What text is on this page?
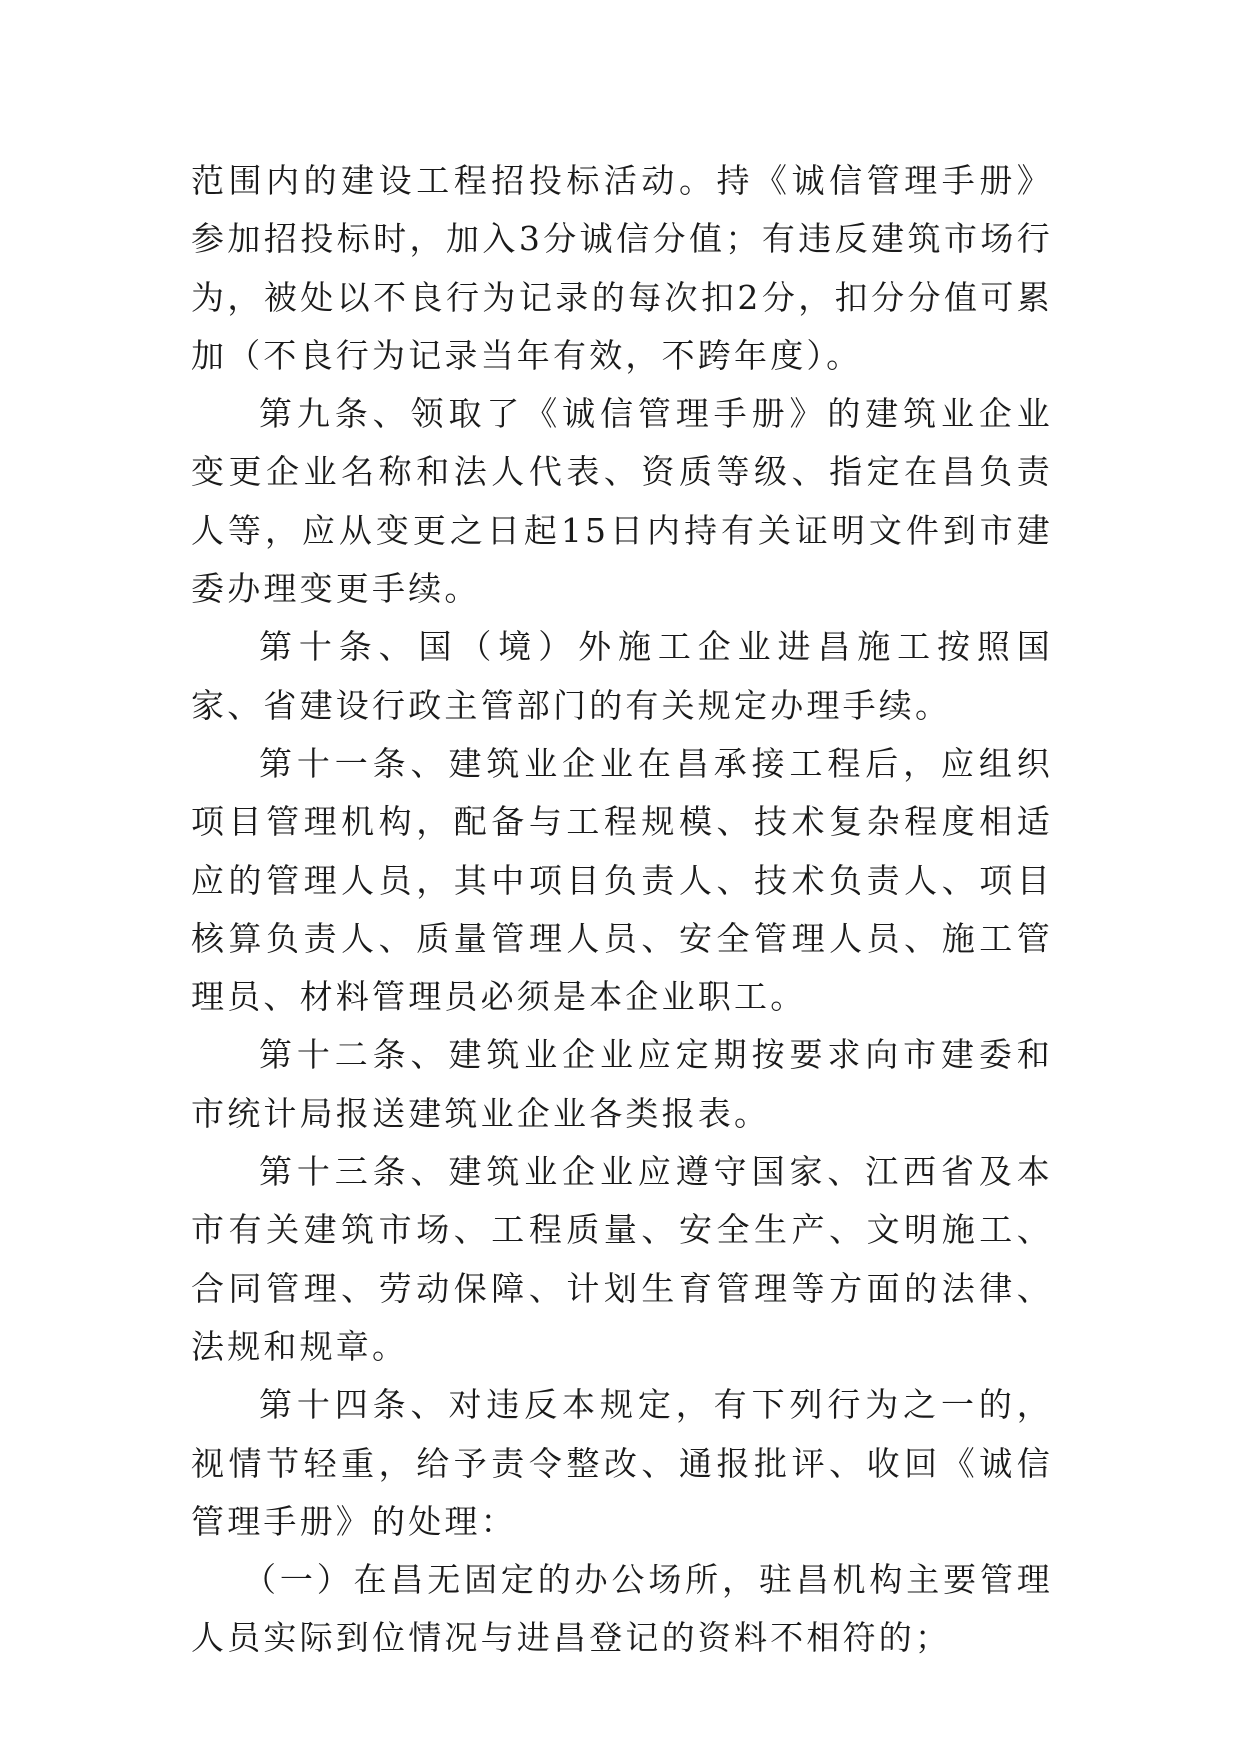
范围内的建设工程招投标活动。持《诚信管理手册》参加招投标时，加入3分诚信分值；有违反建筑市场行为，被处以不良行为记录的每次扣2分，扣分分值可累加（不良行为记录当年有效，不跨年度）。

第九条、领取了《诚信管理手册》的建筑业企业变更企业名称和法人代表、资质等级、指定在昌负责人等，应从变更之日起15日内持有关证明文件到市建委办理变更手续。

第十条、国（境）外施工企业进昌施工按照国家、省建设行政主管部门的有关规定办理手续。

第十一条、建筑业企业在昌承接工程后，应组织项目管理机构，配备与工程规模、技术复杂程度相适应的管理人员，其中项目负责人、技术负责人、项目核算负责人、质量管理人员、安全管理人员、施工管理员、材料管理员必须是本企业职工。

第十二条、建筑业企业应定期按要求向市建委和市统计局报送建筑业企业各类报表。

第十三条、建筑业企业应遵守国家、江西省及本市有关建筑市场、工程质量、安全生产、文明施工、合同管理、劳动保障、计划生育管理等方面的法律、法规和规章。

第十四条、对违反本规定，有下列行为之一的，视情节轻重，给予责令整改、通报批评、收回《诚信管理手册》的处理：

（一）在昌无固定的办公场所，驻昌机构主要管理人员实际到位情况与进昌登记的资料不相符的；
